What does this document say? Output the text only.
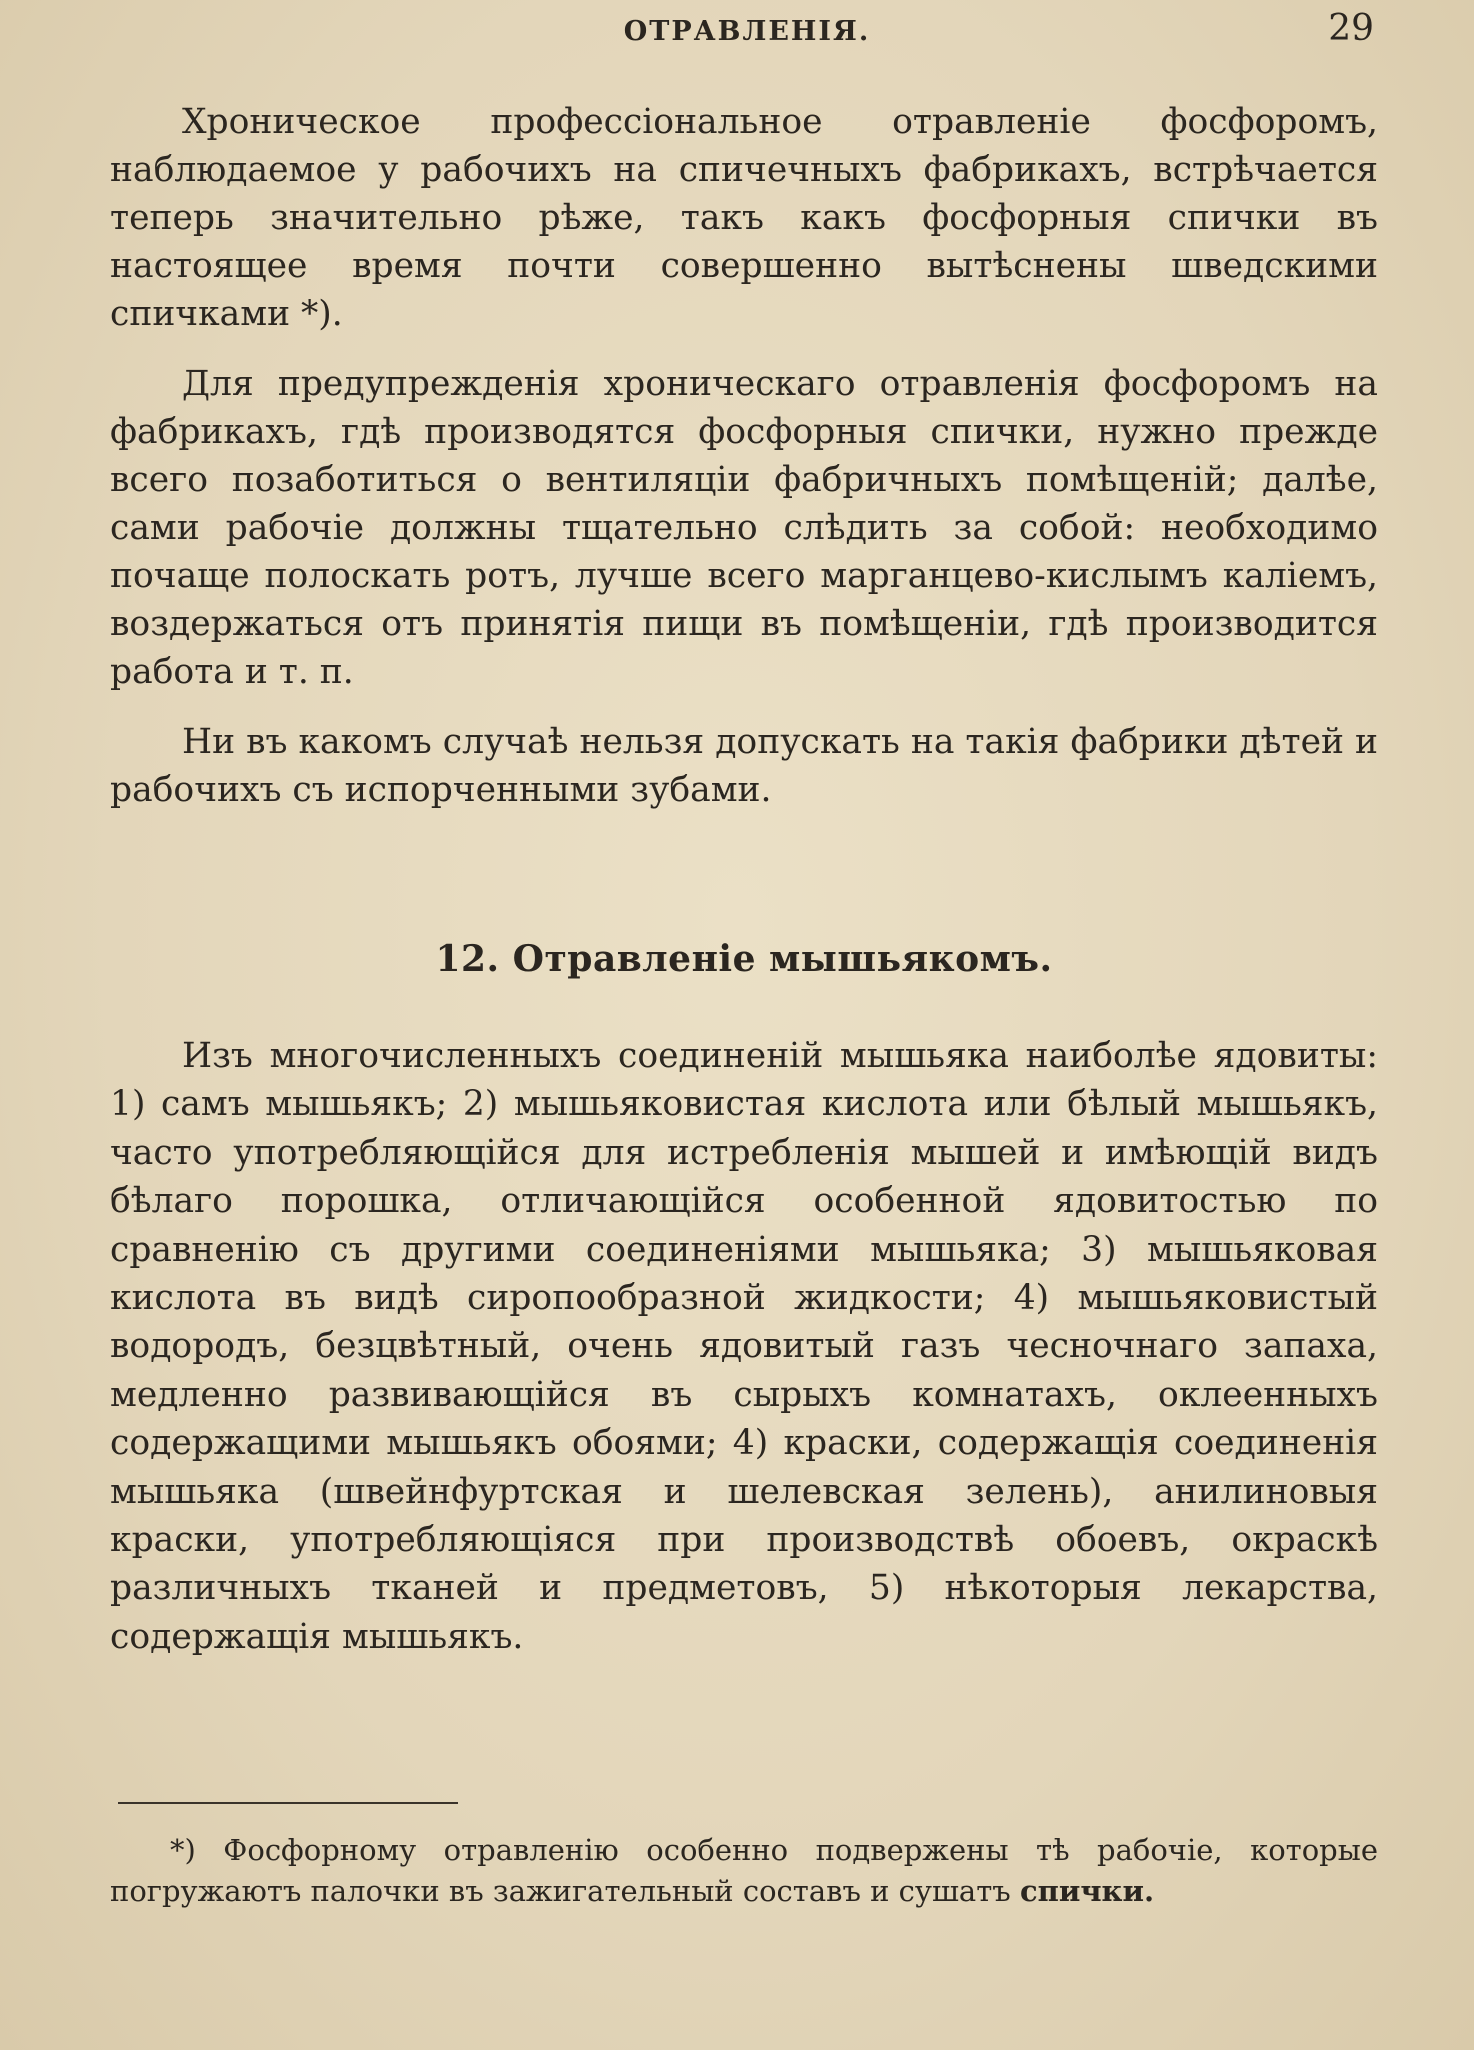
ОТРАВЛЕНІЯ.	29

Хроническое профессіональное отравленіе фосфоромъ, наблюдаемое у рабочихъ на спичечныхъ фабрикахъ, встрѣчается теперь значительно рѣже, такъ какъ фосфорныя спички въ настоящее время почти совершенно вытѣснены шведскими спичками *).

Для предупрежденія хроническаго отравленія фосфоромъ на фабрикахъ, гдѣ производятся фосфорныя спички, нужно прежде всего позаботиться о вентиляціи фабричныхъ помѣщеній; далѣе, сами рабочіе должны тщательно слѣдить за собой: необходимо почаще полоскать ротъ, лучше всего марганцево-кислымъ каліемъ, воздержаться отъ принятія пищи въ помѣщеніи, гдѣ производится работа и т. п.

Ни въ какомъ случаѣ нельзя допускать на такія фабрики дѣтей и рабочихъ съ испорченными зубами.

12. Отравленіе мышьякомъ.

Изъ многочисленныхъ соединеній мышьяка наиболѣе ядовиты: 1) самъ мышьякъ; 2) мышьяковистая кислота или бѣлый мышьякъ, часто употребляющійся для истребленія мышей и имѣющій видъ бѣлаго порошка, отличающійся особенной ядовитостью по сравненію съ другими соединеніями мышьяка; 3) мышьяковая кислота въ видѣ сиропообразной жидкости; 4) мышьяковистый водородъ, безцвѣтный, очень ядовитый газъ чесночнаго запаха, медленно развивающійся въ сырыхъ комнатахъ, оклеенныхъ содержащими мышьякъ обоями; 4) краски, содержащія соединенія мышьяка (швейнфуртская и шелевская зелень), анилиновыя краски, употребляющіяся при производствѣ обоевъ, окраскѣ различныхъ тканей и предметовъ, 5) нѣкоторыя лекарства, содержащія мышьякъ.

*) Фосфорному отравленію особенно подвержены тѣ рабочіе, которые погружаютъ палочки въ зажигательный составъ и сушатъ спички.
